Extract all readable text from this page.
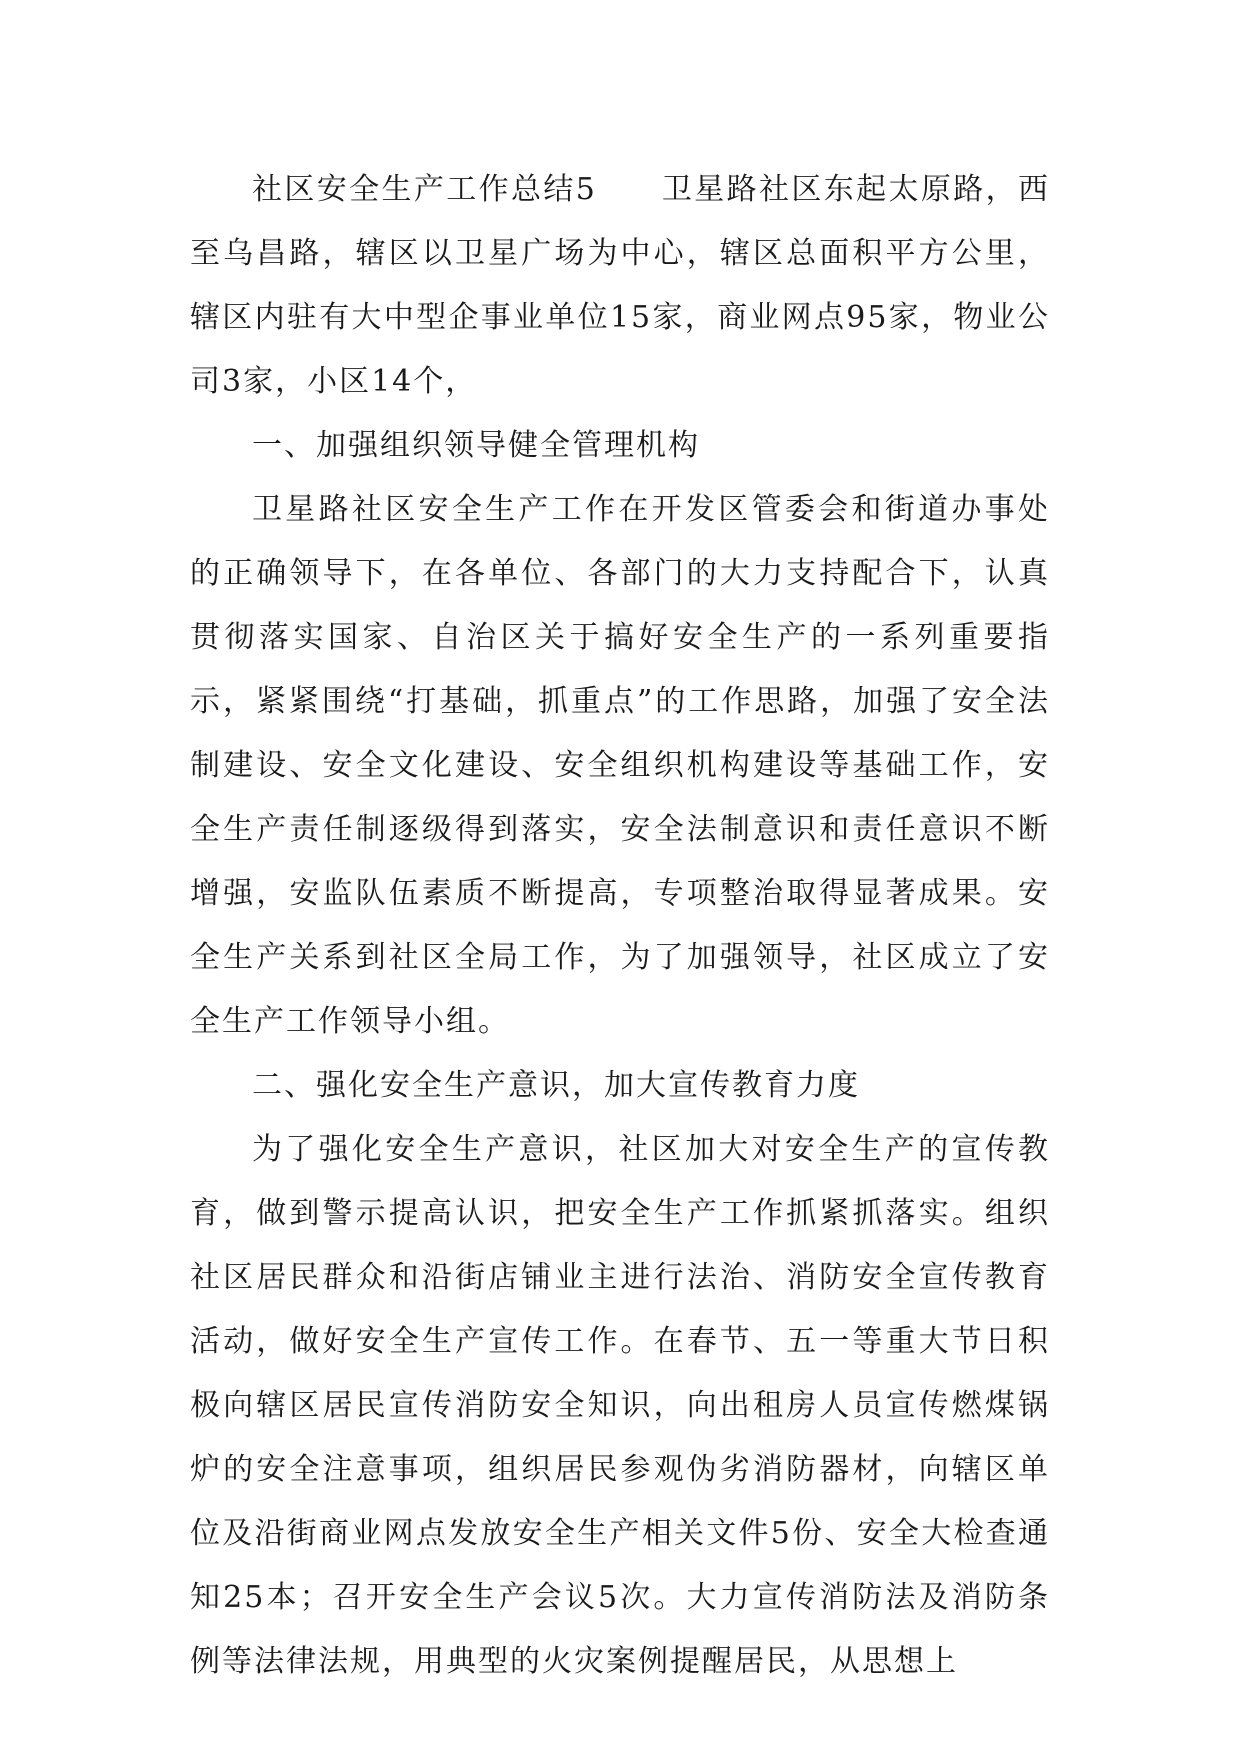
社区安全生产工作总结5　　卫星路社区东起太原路，西至乌昌路，辖区以卫星广场为中心，辖区总面积平方公里，辖区内驻有大中型企事业单位15家，商业网点95家，物业公司3家，小区14个，

一、加强组织领导健全管理机构

卫星路社区安全生产工作在开发区管委会和街道办事处的正确领导下，在各单位、各部门的大力支持配合下，认真贯彻落实国家、自治区关于搞好安全生产的一系列重要指示，紧紧围绕“打基础，抓重点”的工作思路，加强了安全法制建设、安全文化建设、安全组织机构建设等基础工作，安全生产责任制逐级得到落实，安全法制意识和责任意识不断增强，安监队伍素质不断提高，专项整治取得显著成果。安全生产关系到社区全局工作，为了加强领导，社区成立了安全生产工作领导小组。

二、强化安全生产意识，加大宣传教育力度

为了强化安全生产意识，社区加大对安全生产的宣传教育，做到警示提高认识，把安全生产工作抓紧抓落实。组织社区居民群众和沿街店铺业主进行法治、消防安全宣传教育活动，做好安全生产宣传工作。在春节、五一等重大节日积极向辖区居民宣传消防安全知识，向出租房人员宣传燃煤锅炉的安全注意事项，组织居民参观伪劣消防器材，向辖区单位及沿街商业网点发放安全生产相关文件5份、安全大检查通知25本；召开安全生产会议5次。大力宣传消防法及消防条例等法律法规，用典型的火灾案例提醒居民，从思想上
